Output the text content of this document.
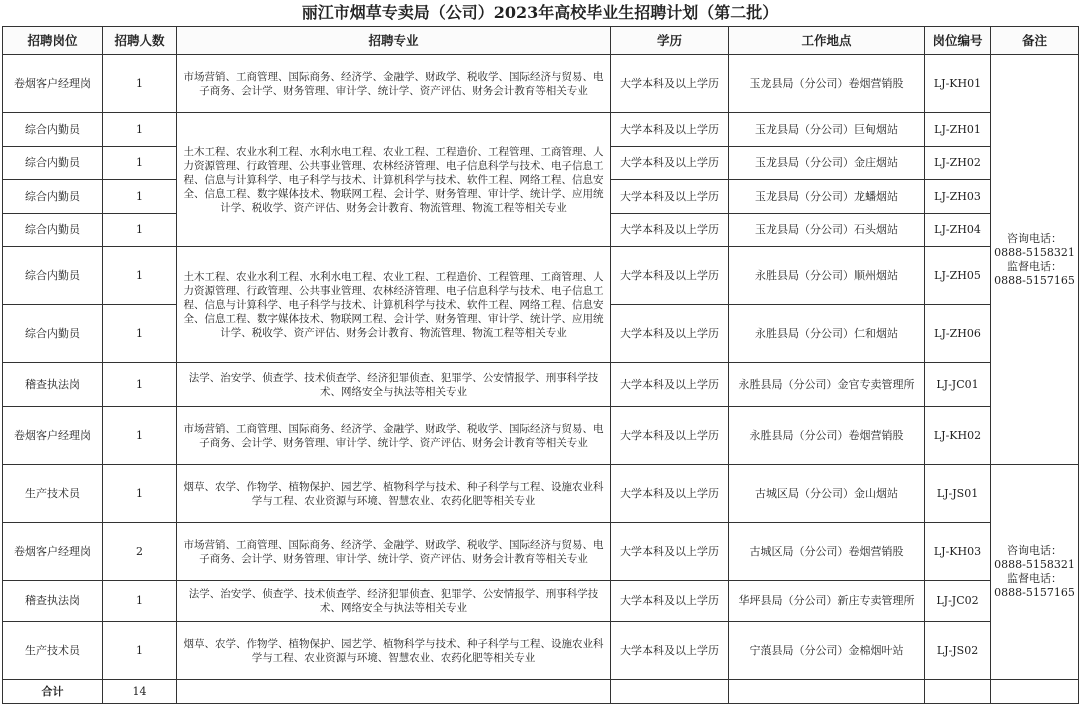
丽江市烟草专卖局（公司）2023年高校毕业生招聘计划（第二批）
招聘岗位	招聘人数	招聘专业	学历	工作地点	岗位编号	备注
卷烟客户经理岗	1	市场营销、工商管理、国际商务、经济学、金融学、财政学、税收学、国际经济与贸易、电子商务、会计学、财务管理、审计学、统计学、资产评估、财务会计教育等相关专业	大学本科及以上学历	玉龙县局（分公司）卷烟营销股	LJ-KH01	咨询电话：0888-5158321 监督电话：0888-5157165
综合内勤员	1	土木工程、农业水利工程、水利水电工程、农业工程、工程造价、工程管理、工商管理、人力资源管理、行政管理、公共事业管理、农林经济管理、电子信息科学与技术、电子信息工程、信息与计算科学、电子科学与技术、计算机科学与技术、软件工程、网络工程、信息安全、信息工程、数字媒体技术、物联网工程、会计学、财务管理、审计学、统计学、应用统计学、税收学、资产评估、财务会计教育、物流管理、物流工程等相关专业	大学本科及以上学历	玉龙县局（分公司）巨甸烟站	LJ-ZH01	
综合内勤员	1		大学本科及以上学历	玉龙县局（分公司）金庄烟站	LJ-ZH02	
综合内勤员	1		大学本科及以上学历	玉龙县局（分公司）龙蟠烟站	LJ-ZH03	
综合内勤员	1		大学本科及以上学历	玉龙县局（分公司）石头烟站	LJ-ZH04	
综合内勤员	1	土木工程、农业水利工程、水利水电工程、农业工程、工程造价、工程管理、工商管理、人力资源管理、行政管理、公共事业管理、农林经济管理、电子信息科学与技术、电子信息工程、信息与计算科学、电子科学与技术、计算机科学与技术、软件工程、网络工程、信息安全、信息工程、数字媒体技术、物联网工程、会计学、财务管理、审计学、统计学、应用统计学、税收学、资产评估、财务会计教育、物流管理、物流工程等相关专业	大学本科及以上学历	永胜县局（分公司）顺州烟站	LJ-ZH05	
综合内勤员	1		大学本科及以上学历	永胜县局（分公司）仁和烟站	LJ-ZH06	
稽查执法岗	1	法学、治安学、侦查学、技术侦查学、经济犯罪侦查、犯罪学、公安情报学、刑事科学技术、网络安全与执法等相关专业	大学本科及以上学历	永胜县局（分公司）金官专卖管理所	LJ-JC01	
卷烟客户经理岗	1	市场营销、工商管理、国际商务、经济学、金融学、财政学、税收学、国际经济与贸易、电子商务、会计学、财务管理、审计学、统计学、资产评估、财务会计教育等相关专业	大学本科及以上学历	永胜县局（分公司）卷烟营销股	LJ-KH02	
生产技术员	1	烟草、农学、作物学、植物保护、园艺学、植物科学与技术、种子科学与工程、设施农业科学与工程、农业资源与环境、智慧农业、农药化肥等相关专业	大学本科及以上学历	古城区局（分公司）金山烟站	LJ-JS01	咨询电话：0888-5158321 监督电话：0888-5157165
卷烟客户经理岗	2	市场营销、工商管理、国际商务、经济学、金融学、财政学、税收学、国际经济与贸易、电子商务、会计学、财务管理、审计学、统计学、资产评估、财务会计教育等相关专业	大学本科及以上学历	古城区局（分公司）卷烟营销股	LJ-KH03	
稽查执法岗	1	法学、治安学、侦查学、技术侦查学、经济犯罪侦查、犯罪学、公安情报学、刑事科学技术、网络安全与执法等相关专业	大学本科及以上学历	华坪县局（分公司）新庄专卖管理所	LJ-JC02	
生产技术员	1	烟草、农学、作物学、植物保护、园艺学、植物科学与技术、种子科学与工程、设施农业科学与工程、农业资源与环境、智慧农业、农药化肥等相关专业	大学本科及以上学历	宁蒗县局（分公司）金棉烟叶站	LJ-JS02	
合计	14					
